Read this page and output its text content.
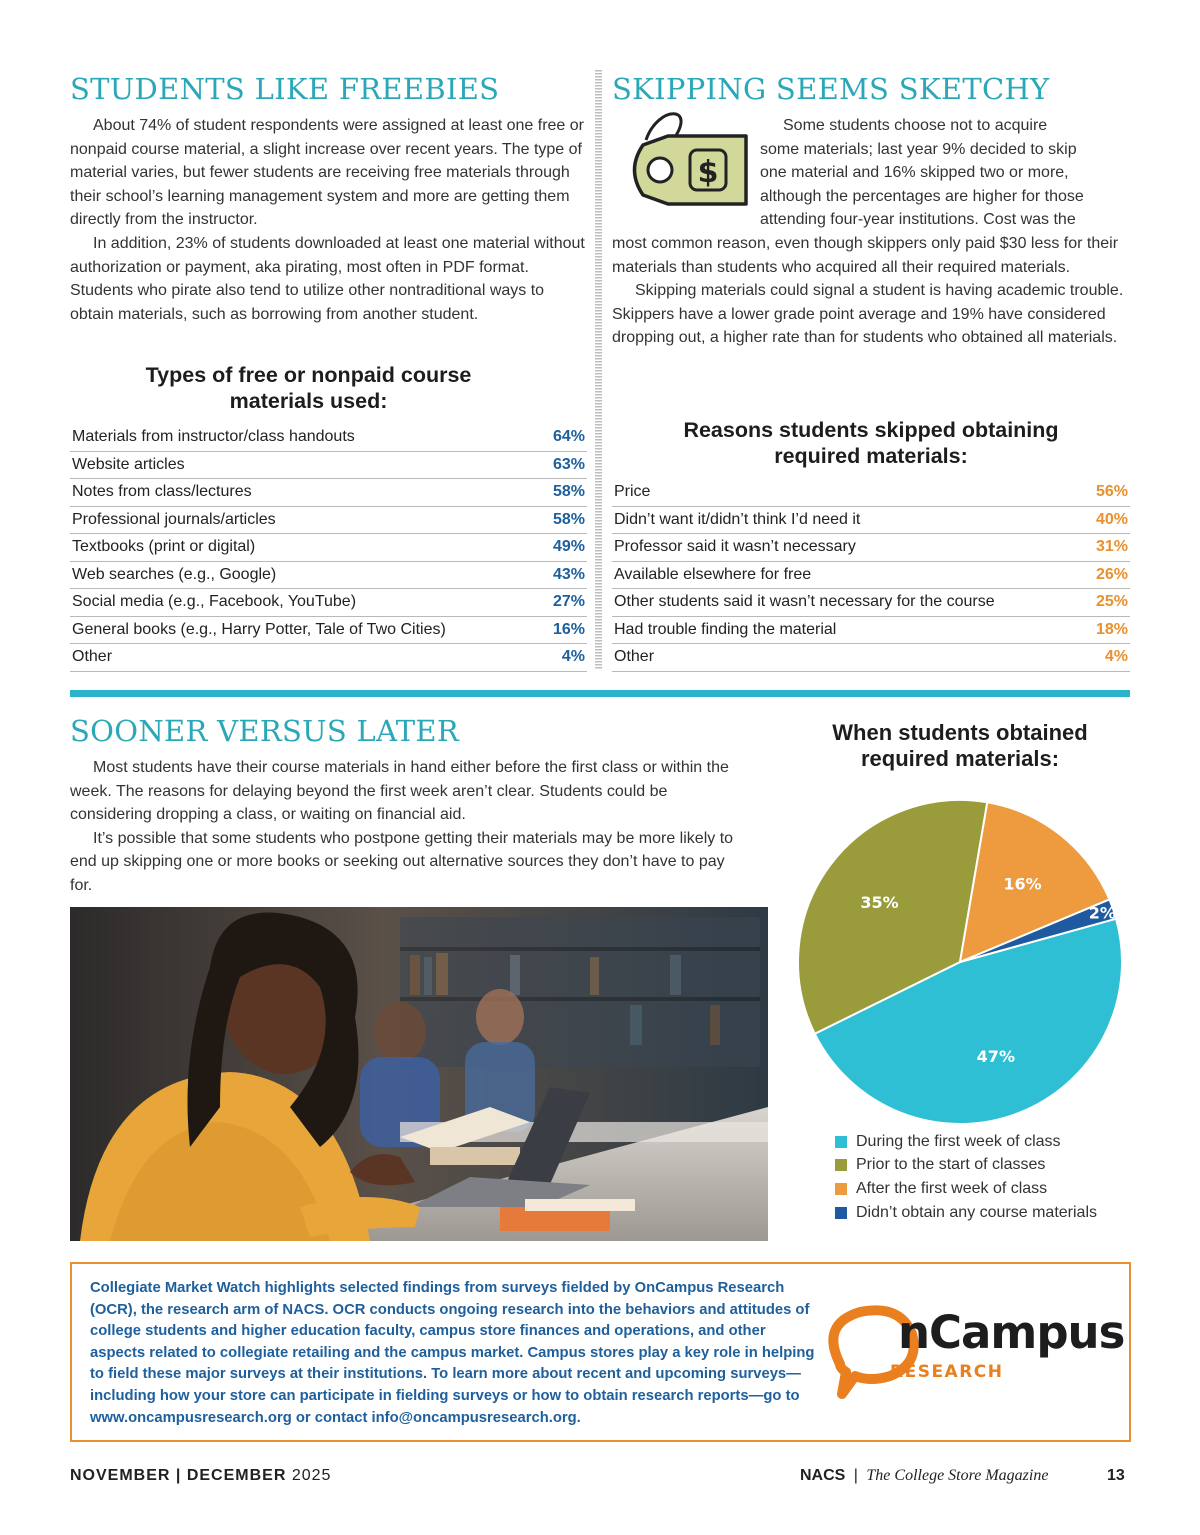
STUDENTS LIKE FREEBIES

About 74% of student respondents were assigned at least one free or nonpaid course material, a slight increase over recent years. The type of material varies, but fewer students are receiving free materials through their school’s learning management system and more are getting them directly from the instructor.

In addition, 23% of students downloaded at least one material without authorization or payment, aka pirating, most often in PDF format. Students who pirate also tend to utilize other nontraditional ways to obtain materials, such as borrowing from another student.

Types of free or nonpaid course
materials used:
Materials from instructor/class handouts	64%
Website articles	63%
Notes from class/lectures	58%
Professional journals/articles	58%
Textbooks (print or digital)	49%
Web searches (e.g., Google)	43%
Social media (e.g., Facebook, YouTube)	27%
General books (e.g., Harry Potter, Tale of Two Cities)	16%
Other	4%
SKIPPING SEEMS SKETCHY
$
Some students choose not to acquire
some materials; last year 9% decided to skip
one material and 16% skipped two or more,
although the percentages are higher for those
attending four-year institutions. Cost was the
most common reason, even though skippers only paid $30 less for their materials than students who acquired all their required materials.

Skipping materials could signal a student is having academic trouble. Skippers have a lower grade point average and 19% have considered dropping out, a higher rate than for students who obtained all materials.

Reasons students skipped obtaining
required materials:
Price	56%
Didn’t want it/didn’t think I’d need it	40%
Professor said it wasn’t necessary	31%
Available elsewhere for free	26%
Other students said it wasn’t necessary for the course	25%
Had trouble finding the material	18%
Other	4%
SOONER VERSUS LATER

Most students have their course materials in hand either before the first class or within the week. The reasons for delaying beyond the first week aren’t clear. Students could be considering dropping a class, or waiting on financial aid.

It’s possible that some students who postpone getting their materials may be more likely to end up skipping one or more books or seeking out alternative sources they don’t have to pay for.

When students obtained
required materials:
47%
35%
16%
2%
During the first week of class
Prior to the start of classes
After the first week of class
Didn’t obtain any course materials
Collegiate Market Watch highlights selected findings from surveys fielded by OnCampus Research (OCR), the research arm of NACS. OCR conducts ongoing research into the behaviors and attitudes of college students and higher education faculty, campus store finances and operations, and other aspects related to collegiate retailing and the campus market. Campus stores play a key role in helping to field these major surveys at their institutions. To learn more about recent and upcoming surveys—including how your store can participate in fielding surveys or how to obtain research reports—go to www.oncampusresearch.org or contact info@oncampusresearch.org.
nCampus
RESEARCH
NOVEMBER | DECEMBER 2025	NACS | The College Store Magazine	13
